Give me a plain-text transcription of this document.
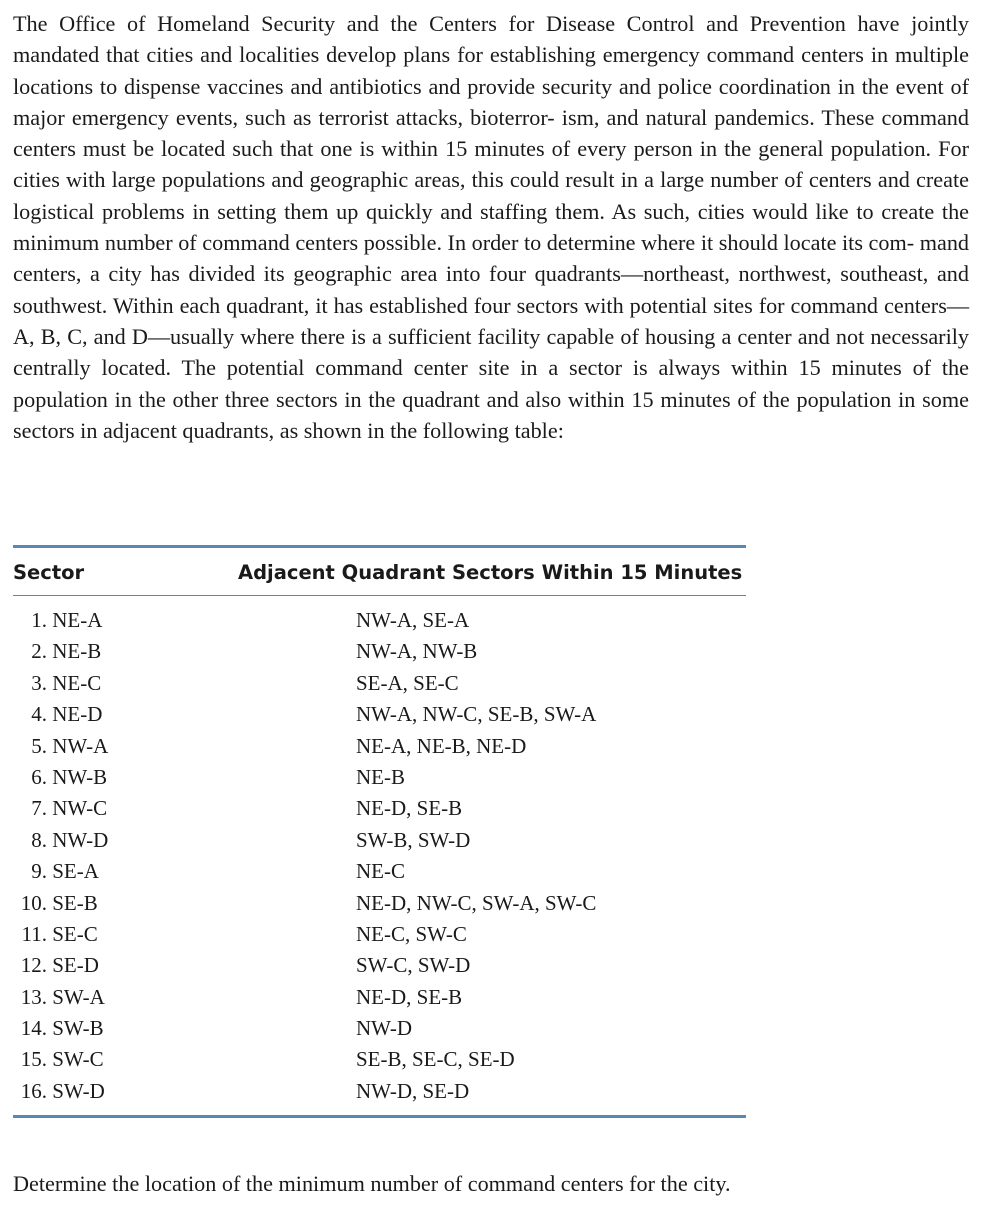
The Office of Homeland Security and the Centers for Disease Control and Prevention have jointly mandated that cities and localities develop plans for establishing emergency command centers in multiple locations to dispense vaccines and antibiotics and provide security and police coordination in the event of major emergency events, such as terrorist attacks, bioterror- ism, and natural pandemics. These command centers must be located such that one is within 15 minutes of every person in the general population. For cities with large populations and geographic areas, this could result in a large number of centers and create logistical problems in setting them up quickly and staffing them. As such, cities would like to create the minimum number of command centers possible. In order to determine where it should locate its com- mand centers, a city has divided its geographic area into four quadrants—northeast, northwest, southeast, and southwest. Within each quadrant, it has established four sectors with potential sites for command centers—A, B, C, and D—usually where there is a sufficient facility capable of housing a center and not necessarily centrally located. The potential command center site in a sector is always within 15 minutes of the population in the other three sectors in the quadrant and also within 15 minutes of the population in some sectors in adjacent quadrants, as shown in the following table:

Sector	Adjacent Quadrant Sectors Within 15 Minutes
1. NE-A	NW-A, SE-A
2. NE-B	NW-A, NW-B
3. NE-C	SE-A, SE-C
4. NE-D	NW-A, NW-C, SE-B, SW-A
5. NW-A	NE-A, NE-B, NE-D
6. NW-B	NE-B
7. NW-C	NE-D, SE-B
8. NW-D	SW-B, SW-D
9. SE-A	NE-C
10. SE-B	NE-D, NW-C, SW-A, SW-C
11. SE-C	NE-C, SW-C
12. SE-D	SW-C, SW-D
13. SW-A	NE-D, SE-B
14. SW-B	NW-D
15. SW-C	SE-B, SE-C, SE-D
16. SW-D	NW-D, SE-D

Determine the location of the minimum number of command centers for the city.
